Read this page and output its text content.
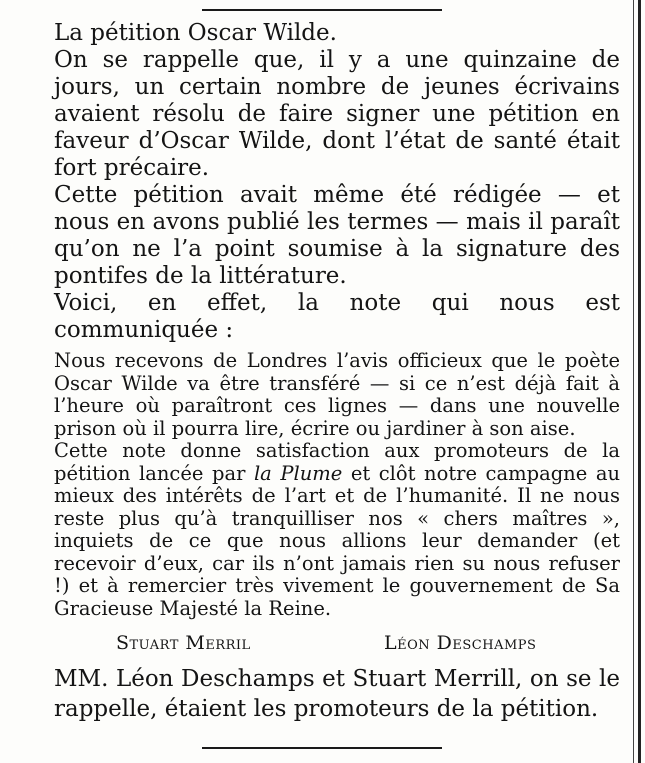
La pétition Oscar Wilde.

On se rappelle que, il y a une quinzaine de jours, un certain nombre de jeunes écrivains avaient résolu de faire signer une pétition en faveur d’Oscar Wilde, dont l’état de santé était fort précaire.

Cette pétition avait même été rédigée — et nous en avons publié les termes — mais il paraît qu’on ne l’a point soumise à la signature des pontifes de la littérature.

Voici, en effet, la note qui nous est communiquée :

Nous recevons de Londres l’avis officieux que le poète Oscar Wilde va être transféré — si ce n’est déjà fait à l’heure où paraîtront ces lignes — dans une nouvelle prison où il pourra lire, écrire ou jardiner à son aise.

Cette note donne satisfaction aux promoteurs de la pétition lancée par la Plume et clôt notre campagne au mieux des intérêts de l’art et de l’humanité. Il ne nous reste plus qu’à tranquilliser nos « chers maîtres », inquiets de ce que nous allions leur demander (et recevoir d’eux, car ils n’ont jamais rien su nous refuser !) et à remercier très vivement le gouvernement de Sa Gracieuse Majesté la Reine.

Stuart Merril	Léon Deschamps

MM. Léon Deschamps et Stuart Merrill, on se le rappelle, étaient les promoteurs de la pétition.
